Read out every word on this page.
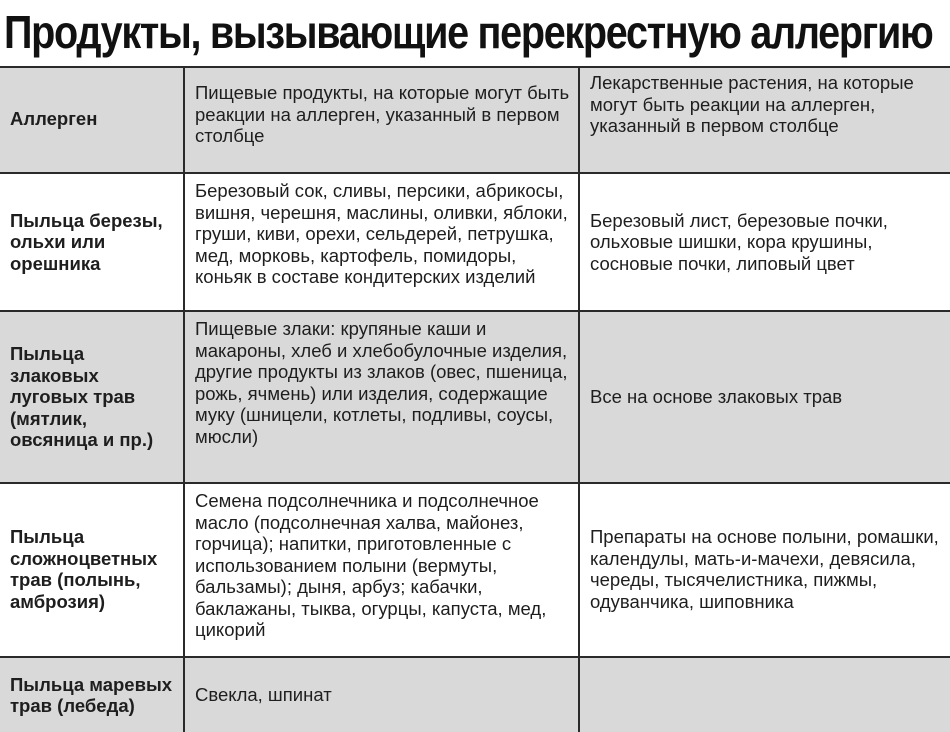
Продукты, вызывающие перекрестную аллергию
Аллерген
Пищевые продукты, на которые могут быть реакции на аллерген, указанный в первом столбце
Лекарственные растения, на которые могут быть реакции на аллерген, указанный в первом столбце
Пыльца березы, ольхи или орешника
Березовый сок, сливы, персики, абрикосы, вишня, черешня, маслины, оливки, яблоки, груши, киви, орехи, сельдерей, петрушка, мед, морковь, картофель, помидоры, коньяк в составе кондитерских изделий
Березовый лист, березовые почки, ольховые шишки, кора крушины, сосновые почки, липовый цвет
Пыльца злаковых луговых трав (мятлик, овсяница и пр.)
Пищевые злаки: крупяные каши и макароны, хлеб и хлебобулочные изделия, другие продукты из злаков (овес, пшеница, рожь, ячмень) или изделия, содержащие муку (шницели, котлеты, подливы, соусы, мюсли)
Все на основе злаковых трав
Пыльца сложноцветных трав (полынь, амброзия)
Семена подсолнечника и подсолнечное масло (подсолнечная халва, майонез, горчица); напитки, приготовленные с использованием полыни (вермуты, бальзамы); дыня, арбуз; кабачки, баклажаны, тыква, огурцы, капуста, мед, цикорий
Препараты на основе полыни, ромашки, календулы, мать-и-мачехи, девясила, череды, тысячелистника, пижмы, одуванчика, шиповника
Пыльца маревых трав (лебеда)
Свекла, шпинат
